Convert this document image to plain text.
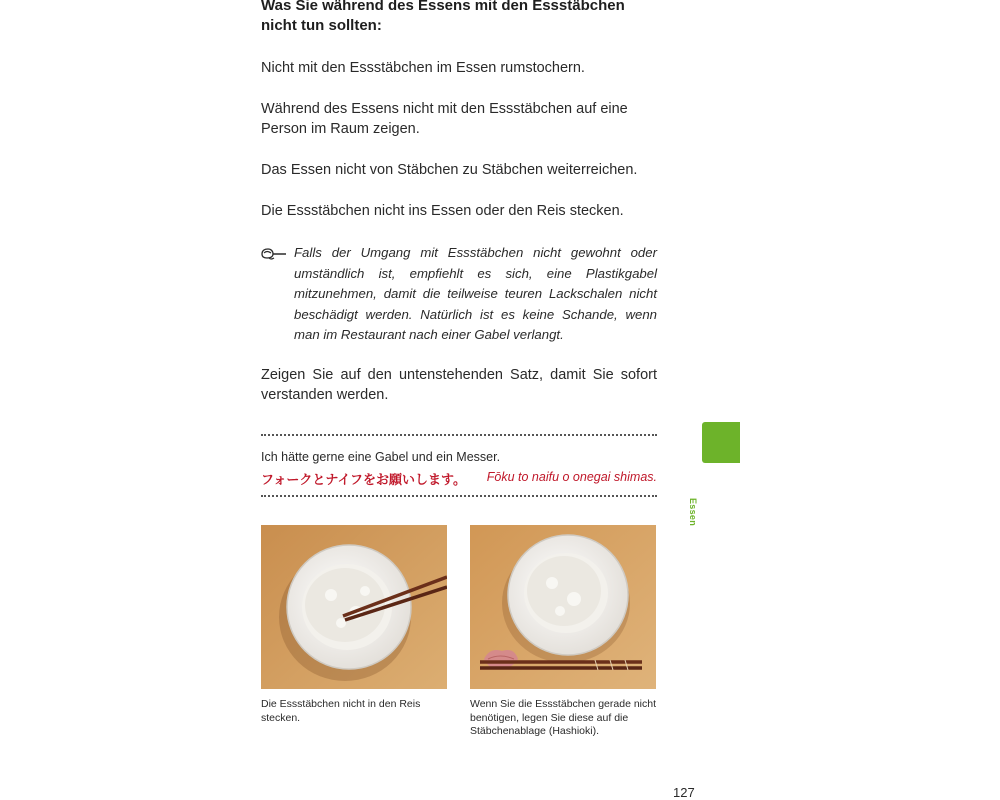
Was Sie während des Essens mit den Essstäbchen nicht tun sollten:
Nicht mit den Essstäbchen im Essen rumstochern.
Während des Essens nicht mit den Essstäbchen auf eine Person im Raum zeigen.
Das Essen nicht von Stäbchen zu Stäbchen weiterreichen.
Die Essstäbchen nicht ins Essen oder den Reis stecken.
Falls der Umgang mit Essstäbchen nicht gewohnt oder umständlich ist, empfiehlt es sich, eine Plastikgabel mitzunehmen, damit die teilweise teuren Lackschalen nicht beschädigt werden. Natürlich ist es keine Schande, wenn man im Restaurant nach einer Gabel verlangt.
Zeigen Sie auf den untenstehenden Satz, damit Sie sofort verstanden werden.
Ich hätte gerne eine Gabel und ein Messer.
フォークとナイフをお願いします。 Fōku to naifu o onegai shimas.
Die Essstäbchen nicht in den Reis stecken.
Wenn Sie die Essstäbchen gerade nicht benötigen, legen Sie diese auf die Stäbchenablage (Hashioki).
Essen
127
